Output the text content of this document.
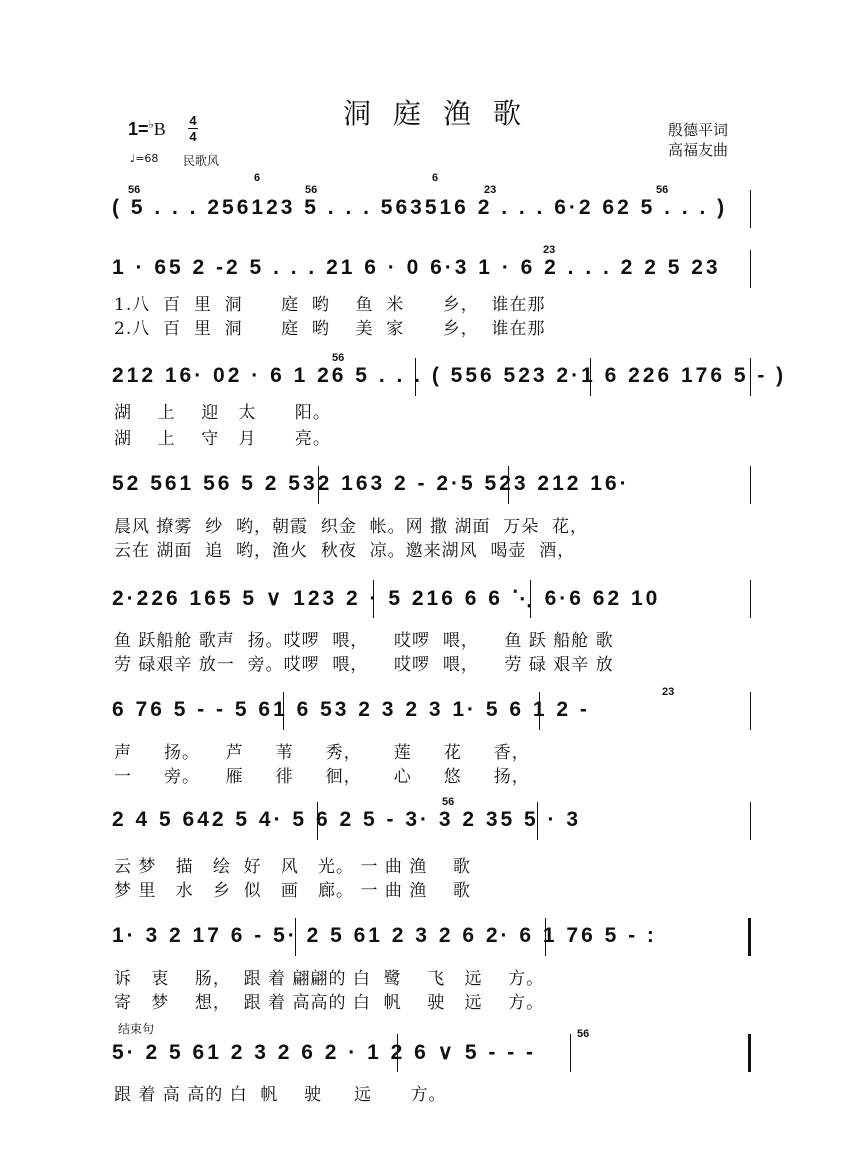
洞庭渔歌
1=♭B 4
4
♩=68 民歌风
殷德平词
高福友曲
56	56	23	56
6	6
( 5 . . . 256123 5 . . . 563516 2 . . . 6·2 62 5 . . . )
23
1 · 65 2 -2 5 . . . 21 6 · 0 6·3 1 · 6 2 . . . 2 2 5 23
1.八  百  里  洞      庭  哟    鱼  米      乡，  谁在那
2.八  百  里  洞      庭  哟    美  家      乡，  谁在那
56
212 16· 02 · 6 1 26 5 . . . ( 556 523 2·1 6 226 176 5 - )
湖    上    迎   太      阳。
湖    上    守   月      亮。
52 561 56 5 2 532 163 2 - 2·5 523 212 16·
晨风 撩雾  纱  哟，朝霞  织金  帐。网 撒 湖面  万朵  花，
云在 湖面  追  哟，渔火  秋夜  凉。邀来湖风  喝壶  酒，
2·226 165 5 ∨ 123 2 · 5 216 6 6 ⋱ 6·6 62 10
鱼 跃船舱 歌声  扬。哎啰  喂，    哎啰  喂，    鱼 跃 船舱 歌
劳 碌艰辛 放一  旁。哎啰  喂，    哎啰  喂，    劳 碌 艰辛 放
23
6 76 5 - - 5 61 6 53 2 3 2 3 1· 5 6 1 2 -
声     扬。    芦     苇     秀，     莲     花     香，
一     旁。    雁     徘     徊，     心     悠     扬，
56
2 4 5 642 5 4· 5 6 2 5 - 3· 3 2 35 5 · 3
云 梦   描   绘  好   风   光。 一 曲 渔    歌
梦 里   水   乡  似   画   廊。 一 曲 渔    歌
1· 3 2 17 6 - 5· 2 5 61 2 3 2 6 2· 6 1 76 5 - :
诉   衷    肠，  跟 着 翩翩的 白  鹭    飞   远    方。
寄   梦    想，  跟 着 高高的 白  帆    驶   远    方。
结束句	56
5· 2 5 61 2 3 2 6 2 · 1 2 6 ∨ 5 - - -
跟 着 高 高的 白  帆    驶     远      方。
